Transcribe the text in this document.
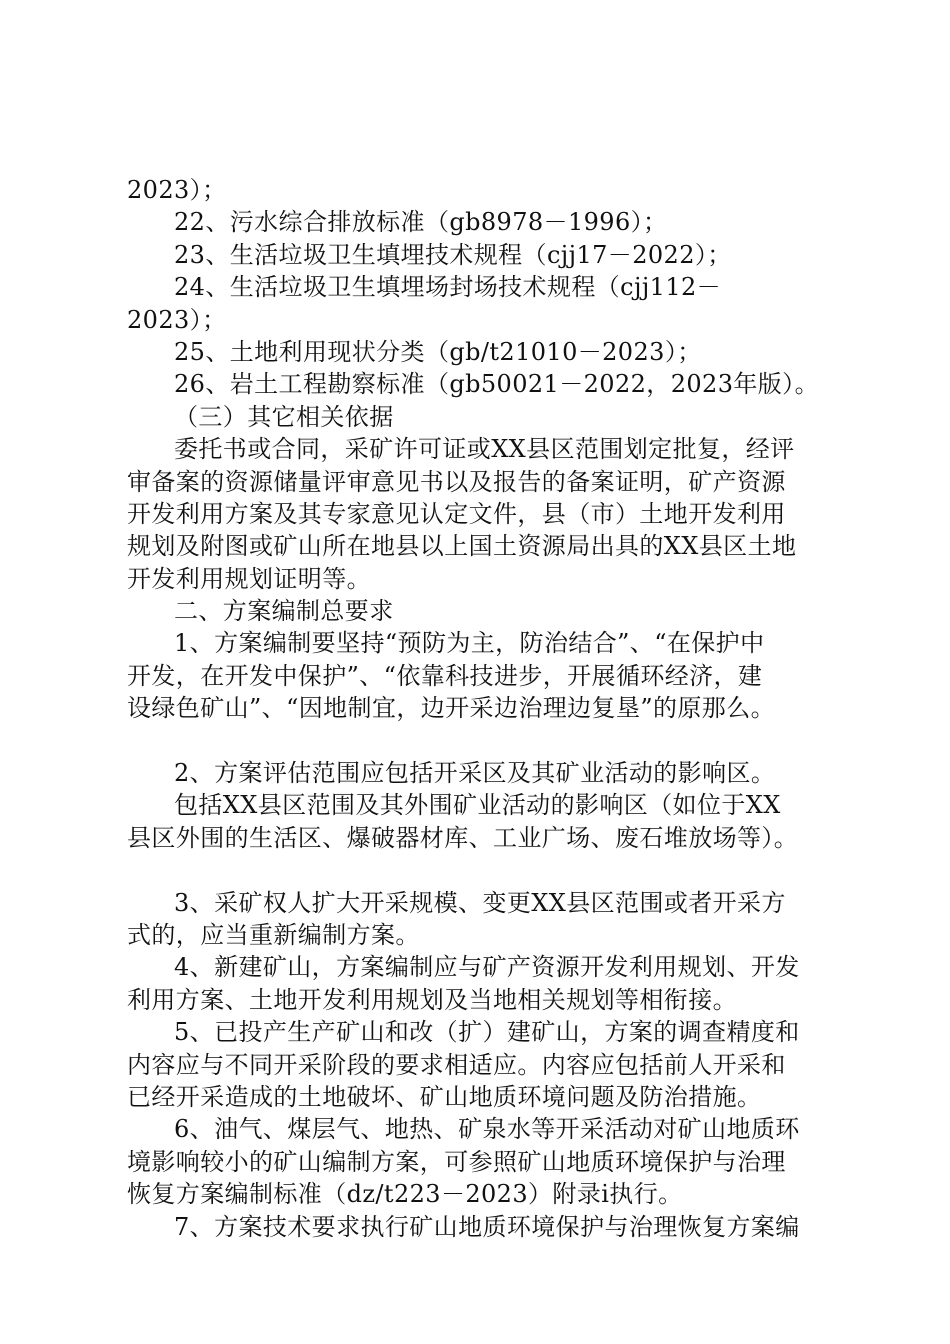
2023）；
22、污水综合排放标准（gb8978－1996）；
23、生活垃圾卫生填埋技术规程（cjj17－2022）；
24、生活垃圾卫生填埋场封场技术规程（cjj112－
2023）；
25、土地利用现状分类（gb/t21010－2023）；
26、岩土工程勘察标准（gb50021－2022，2023年版）。
（三）其它相关依据
委托书或合同，采矿许可证或XX县区范围划定批复，经评
审备案的资源储量评审意见书以及报告的备案证明，矿产资源
开发利用方案及其专家意见认定文件，县（市）土地开发利用
规划及附图或矿山所在地县以上国土资源局出具的XX县区土地
开发利用规划证明等。
二、方案编制总要求
1、方案编制要坚持“预防为主，防治结合”、“在保护中
开发，在开发中保护”、“依靠科技进步，开展循环经济，建
设绿色矿山”、“因地制宜，边开采边治理边复垦”的原那么。
2、方案评估范围应包括开采区及其矿业活动的影响区。
包括XX县区范围及其外围矿业活动的影响区（如位于XX
县区外围的生活区、爆破器材库、工业广场、废石堆放场等）。
3、采矿权人扩大开采规模、变更XX县区范围或者开采方
式的，应当重新编制方案。
4、新建矿山，方案编制应与矿产资源开发利用规划、开发
利用方案、土地开发利用规划及当地相关规划等相衔接。
5、已投产生产矿山和改（扩）建矿山，方案的调查精度和
内容应与不同开采阶段的要求相适应。内容应包括前人开采和
已经开采造成的土地破坏、矿山地质环境问题及防治措施。
6、油气、煤层气、地热、矿泉水等开采活动对矿山地质环
境影响较小的矿山编制方案，可参照矿山地质环境保护与治理
恢复方案编制标准（dz/t223－2023）附录i执行。
7、方案技术要求执行矿山地质环境保护与治理恢复方案编
